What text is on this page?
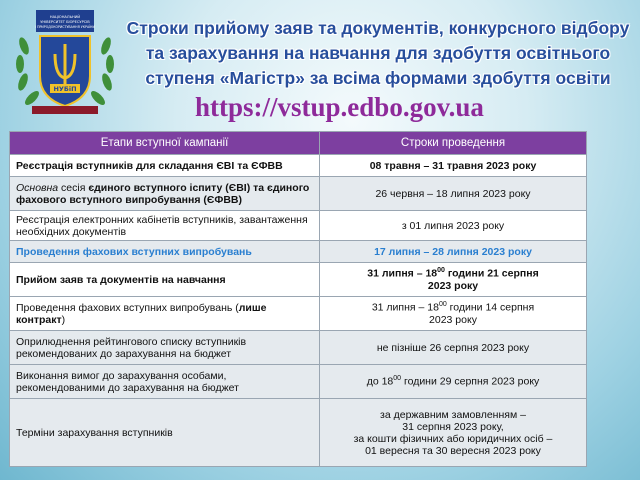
НАЦІОНАЛЬНИЙ
УНІВЕРСИТЕТ БІОРЕСУРСІВ
І ПРИРОДОКОРИСТУВАННЯ УКРАЇНИ
НУБіП
Строки прийому заяв та документів, конкурсного відбору
та зарахування на навчання для здобуття освітнього
ступеня «Магістр» за всіма формами здобуття освіти
https://vstup.edbo.gov.ua
Етапи вступної кампанії	Строки проведення
Реєстрація вступників для складання ЄВІ та ЄФВВ	08 травня – 31 травня 2023 року
Основна сесія єдиного вступного іспиту (ЄВІ) та єдиного фахового вступного випробування (ЄФВВ)	26 червня – 18 липня 2023 року
Реєстрація електронних кабінетів вступників, завантаження необхідних документів	з 01 липня 2023 року
Проведення фахових вступних випробувань	17 липня – 28 липня 2023 року
Прийом заяв та документів на навчання	31 липня – $18^{00}$ години 21 серпня
2023 року
Проведення фахових вступних випробувань (лише контракт)	31 липня – $18^{00}$ години 14 серпня
2023 року
Оприлюднення рейтингового списку вступників рекомендованих до зарахування на бюджет	не пізніше 26 серпня 2023 року
Виконання вимог до зарахування особами, рекомендованими до зарахування на бюджет	до $18^{00}$ години 29 серпня 2023 року
Терміни зарахування вступників	за державним замовленням –
31 серпня 2023 року,
за кошти фізичних або юридичних осіб –
01 вересня та 30 вересня 2023 року
